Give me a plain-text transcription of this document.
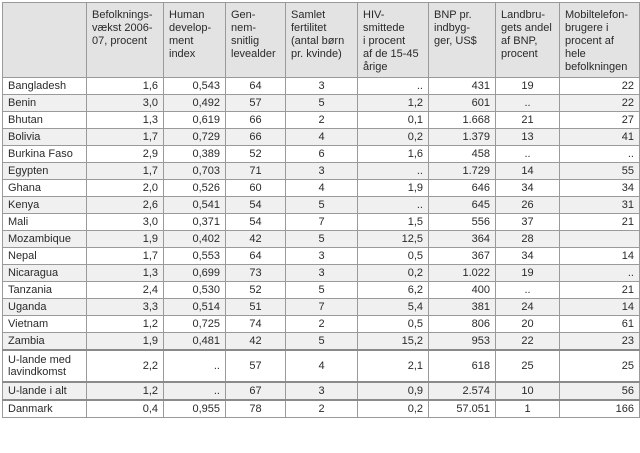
	Befolknings-
vækst 2006-
07, procent	Human
develop-
ment
index	Gen-
nem-
snitlig
levealder	Samlet
fertilitet
(antal børn
pr. kvinde)	HIV-smittede
i procent
af de 15-45
årige	BNP pr.
indbyg-
ger, US$	Landbru-
gets andel
af BNP,
procent	Mobiltelefon-
brugere i
procent af hele
befolkningen

Bangladesh	1,6	0,543	64	3	..	431	19	22
Benin	3,0	0,492	57	5	1,2	601	..	22
Bhutan	1,3	0,619	66	2	0,1	1.668	21	27
Bolivia	1,7	0,729	66	4	0,2	1.379	13	41
Burkina Faso	2,9	0,389	52	6	1,6	458	..	..
Egypten	1,7	0,703	71	3	..	1.729	14	55
Ghana	2,0	0,526	60	4	1,9	646	34	34
Kenya	2,6	0,541	54	5	..	645	26	31
Mali	3,0	0,371	54	7	1,5	556	37	21
Mozambique	1,9	0,402	42	5	12,5	364	28	
Nepal	1,7	0,553	64	3	0,5	367	34	14
Nicaragua	1,3	0,699	73	3	0,2	1.022	19	..
Tanzania	2,4	0,530	52	5	6,2	400	..	21
Uganda	3,3	0,514	51	7	5,4	381	24	14
Vietnam	1,2	0,725	74	2	0,5	806	20	61
Zambia	1,9	0,481	42	5	15,2	953	22	23
U-lande med lavindkomst	2,2	..	57	4	2,1	618	25	25
U-lande i alt	1,2	..	67	3	0,9	2.574	10	56
Danmark	0,4	0,955	78	2	0,2	57.051	1	166
